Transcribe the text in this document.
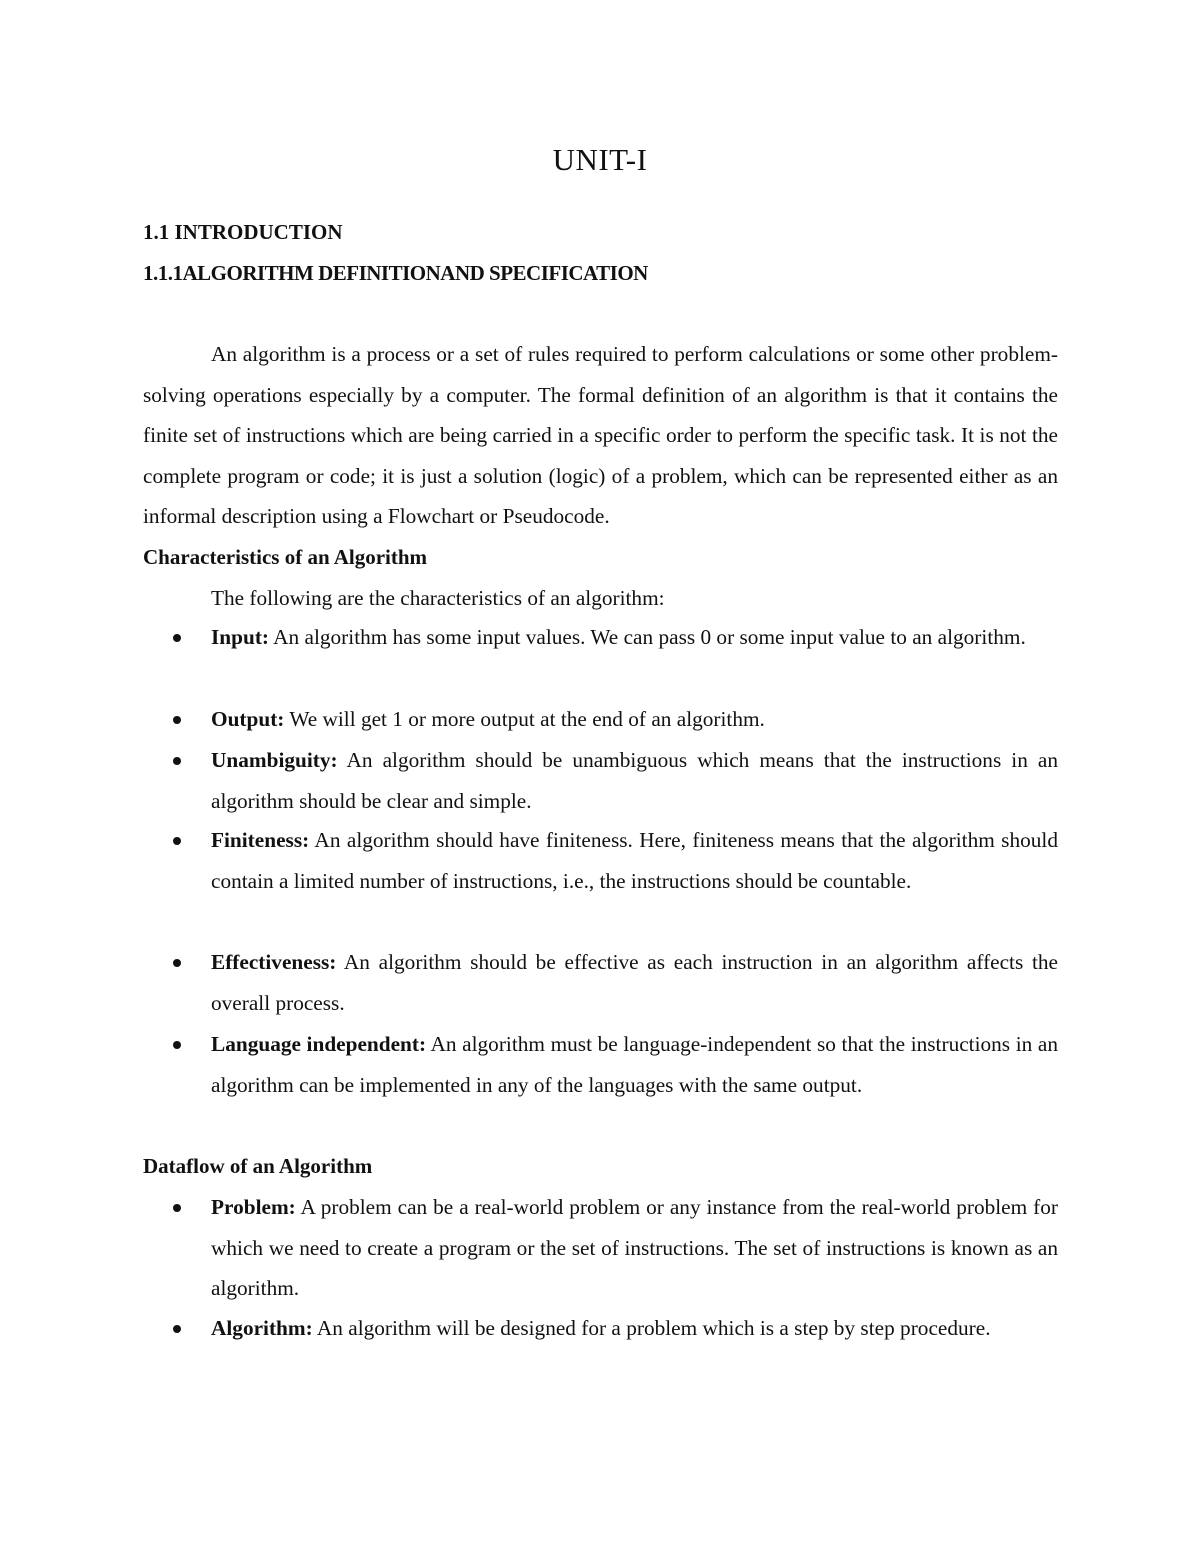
UNIT-I
1.1 INTRODUCTION
1.1.1ALGORITHM DEFINITIONAND SPECIFICATION

An algorithm is a process or a set of rules required to perform calculations or some other problem-solving operations especially by a computer. The formal definition of an algorithm is that it contains the finite set of instructions which are being carried in a specific order to perform the specific task. It is not the complete program or code; it is just a solution (logic) of a problem, which can be represented either as an informal description using a Flowchart or Pseudocode.

Characteristics of an Algorithm
The following are the characteristics of an algorithm:
Input: An algorithm has some input values. We can pass 0 or some input value to an algorithm.
Output: We will get 1 or more output at the end of an algorithm.
Unambiguity: An algorithm should be unambiguous which means that the instructions in an algorithm should be clear and simple.
Finiteness: An algorithm should have finiteness. Here, finiteness means that the algorithm should contain a limited number of instructions, i.e., the instructions should be countable.
Effectiveness: An algorithm should be effective as each instruction in an algorithm affects the overall process.
Language independent: An algorithm must be language-independent so that the instructions in an algorithm can be implemented in any of the languages with the same output.
Dataflow of an Algorithm
Problem: A problem can be a real-world problem or any instance from the real-world problem for which we need to create a program or the set of instructions. The set of instructions is known as an algorithm.
Algorithm: An algorithm will be designed for a problem which is a step by step procedure.
